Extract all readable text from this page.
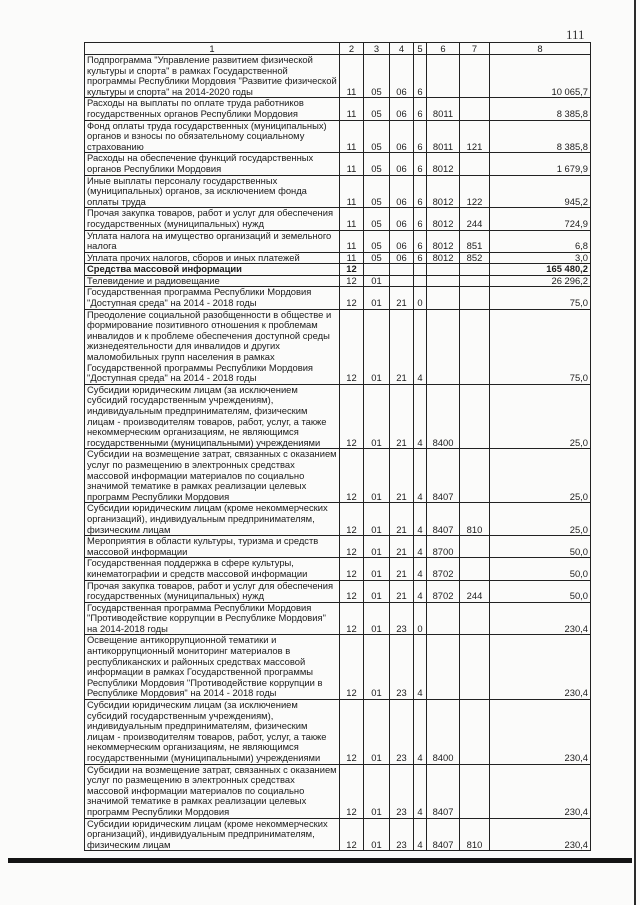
111
1	2	3	4	5	6	7	8
Подпрограмма "Управление развитием физической культуры и спорта" в рамках Государственной программы Республики Мордовия "Развитие физической культуры и спорта" на 2014-2020 годы	11	05	06	6			10 065,7
Расходы на выплаты по оплате труда работников государственных органов Республики Мордовия	11	05	06	6	8011		8 385,8
Фонд оплаты труда государственных (муниципальных) органов и взносы по обязательному социальному страхованию	11	05	06	6	8011	121	8 385,8
Расходы на обеспечение функций государственных органов Республики Мордовия	11	05	06	6	8012		1 679,9
Иные выплаты персоналу государственных (муниципальных) органов, за исключением фонда оплаты труда	11	05	06	6	8012	122	945,2
Прочая закупка товаров, работ и услуг для обеспечения государственных (муниципальных) нужд	11	05	06	6	8012	244	724,9
Уплата налога на имущество организаций и земельного налога	11	05	06	6	8012	851	6,8
Уплата прочих налогов, сборов и иных платежей	11	05	06	6	8012	852	3,0
Средства массовой информации	12						165 480,2
Телевидение и радиовещание	12	01					26 296,2
Государственная программа Республики Мордовия "Доступная среда" на 2014 - 2018 годы	12	01	21	0			75,0
Преодоление социальной разобщенности в обществе и формирование позитивного отношения к проблемам инвалидов и к проблеме обеспечения доступной среды жизнедеятельности для инвалидов и других маломобильных групп населения в рамках Государственной программы Республики Мордовия "Доступная среда" на 2014 - 2018 годы	12	01	21	4			75,0
Субсидии юридическим лицам (за исключением субсидий государственным учреждениям), индивидуальным предпринимателям, физическим лицам - производителям товаров, работ, услуг, а также некоммерческим организациям, не являющимся государственными (муниципальными) учреждениями	12	01	21	4	8400		25,0
Субсидии на возмещение затрат, связанных с оказанием услуг по размещению в электронных средствах массовой информации материалов по социально значимой тематике в рамках реализации целевых программ Республики Мордовия	12	01	21	4	8407		25,0
Субсидии юридическим лицам (кроме некоммерческих организаций), индивидуальным предпринимателям, физическим лицам	12	01	21	4	8407	810	25,0
Мероприятия в области культуры, туризма и средств массовой информации	12	01	21	4	8700		50,0
Государственная поддержка в сфере культуры, кинематографии и средств массовой информации	12	01	21	4	8702		50,0
Прочая закупка товаров, работ и услуг для обеспечения государственных (муниципальных) нужд	12	01	21	4	8702	244	50,0
Государственная программа Республики Мордовия "Противодействие коррупции в Республике Мордовия" на 2014-2018 годы	12	01	23	0			230,4
Освещение антикоррупционной тематики и антикоррупционный мониторинг материалов в республиканских и районных средствах массовой информации в рамках Государственной программы Республики Мордовия "Противодействие коррупции в Республике Мордовия" на 2014 - 2018 годы	12	01	23	4			230,4
Субсидии юридическим лицам (за исключением субсидий государственным учреждениям), индивидуальным предпринимателям, физическим лицам - производителям товаров, работ, услуг, а также некоммерческим организациям, не являющимся государственными (муниципальными) учреждениями	12	01	23	4	8400		230,4
Субсидии на возмещение затрат, связанных с оказанием услуг по размещению в электронных средствах массовой информации материалов по социально значимой тематике в рамках реализации целевых программ Республики Мордовия	12	01	23	4	8407		230,4
Субсидии юридическим лицам (кроме некоммерческих организаций), индивидуальным предпринимателям, физическим лицам	12	01	23	4	8407	810	230,4
